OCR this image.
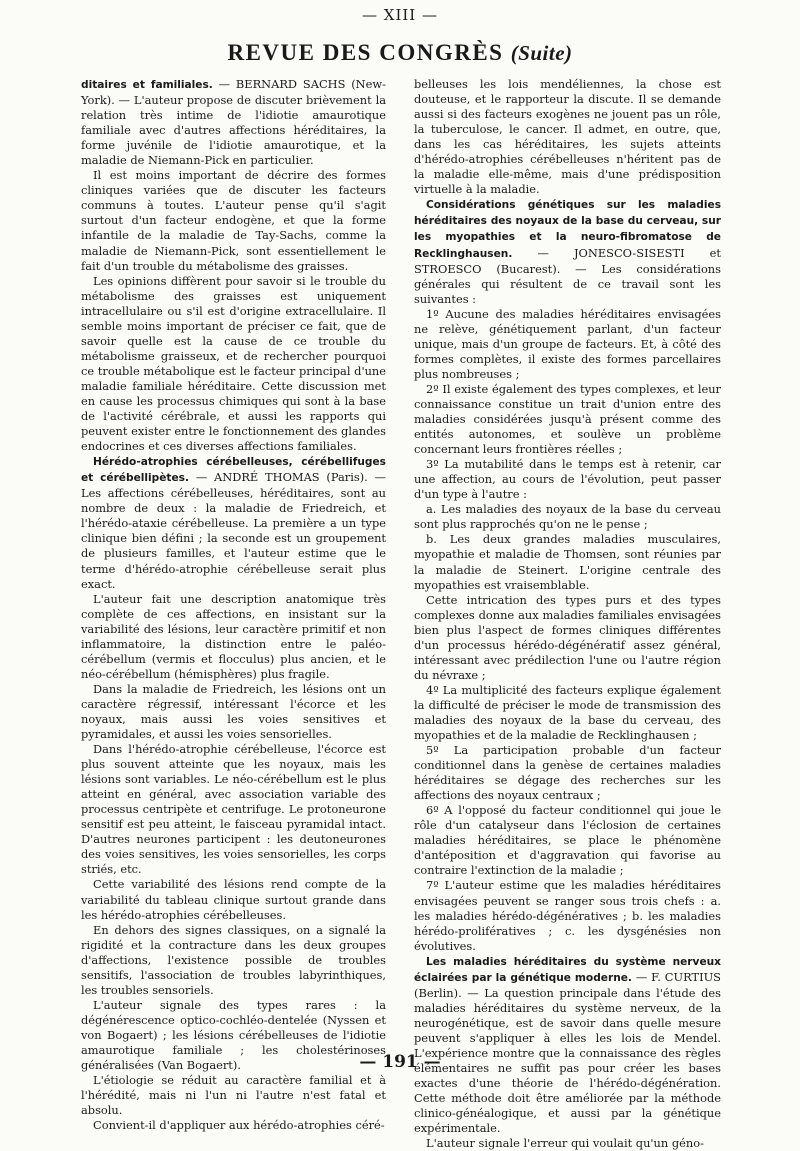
— XIII —
REVUE DES CONGRÈS (Suite)

ditaires et familiales. — BERNARD SACHS (New-York). — L'auteur propose de discuter brièvement la relation très intime de l'idiotie amaurotique familiale avec d'autres affections héréditaires, la forme juvénile de l'idiotie amaurotique, et la maladie de Niemann-Pick en particulier.

Il est moins important de décrire des formes cliniques variées que de discuter les facteurs communs à toutes. L'auteur pense qu'il s'agit surtout d'un facteur endogène, et que la forme infantile de la maladie de Tay-Sachs, comme la maladie de Niemann-Pick, sont essentiellement le fait d'un trouble du métabolisme des graisses.

Les opinions diffèrent pour savoir si le trouble du métabolisme des graisses est uniquement intracellulaire ou s'il est d'origine extracellulaire. Il semble moins important de préciser ce fait, que de savoir quelle est la cause de ce trouble du métabolisme graisseux, et de rechercher pourquoi ce trouble métabolique est le facteur principal d'une maladie familiale héréditaire. Cette discussion met en cause les processus chimiques qui sont à la base de l'activité cérébrale, et aussi les rapports qui peuvent exister entre le fonctionnement des glandes endocrines et ces diverses affections familiales.

Hérédo-atrophies cérébelleuses, cérébellifuges et cérébellipètes. — ANDRÉ THOMAS (Paris). — Les affections cérébelleuses, héréditaires, sont au nombre de deux : la maladie de Friedreich, et l'hérédo-ataxie cérébelleuse. La première a un type clinique bien défini ; la seconde est un groupement de plusieurs familles, et l'auteur estime que le terme d'hérédo-atrophie cérébelleuse serait plus exact.

L'auteur fait une description anatomique très complète de ces affections, en insistant sur la variabilité des lésions, leur caractère primitif et non inflammatoire, la distinction entre le paléo-cérébellum (vermis et flocculus) plus ancien, et le néo-cérébellum (hémisphères) plus fragile.

Dans la maladie de Friedreich, les lésions ont un caractère régressif, intéressant l'écorce et les noyaux, mais aussi les voies sensitives et pyramidales, et aussi les voies sensorielles.

Dans l'hérédo-atrophie cérébelleuse, l'écorce est plus souvent atteinte que les noyaux, mais les lésions sont variables. Le néo-cérébellum est le plus atteint en général, avec association variable des processus centripète et centrifuge. Le protoneurone sensitif est peu atteint, le faisceau pyramidal intact. D'autres neurones participent : les deutoneurones des voies sensitives, les voies sensorielles, les corps striés, etc.

Cette variabilité des lésions rend compte de la variabilité du tableau clinique surtout grande dans les hérédo-atrophies cérébelleuses.

En dehors des signes classiques, on a signalé la rigidité et la contracture dans les deux groupes d'affections, l'existence possible de troubles sensitifs, l'association de troubles labyrinthiques, les troubles sensoriels.

L'auteur signale des types rares : la dégénérescence optico-cochléo-dentelée (Nyssen et von Bogaert) ; les lésions cérébelleuses de l'idiotie amaurotique familiale ; les cholestérinoses généralisées (Van Bogaert).

L'étiologie se réduit au caractère familial et à l'hérédité, mais ni l'un ni l'autre n'est fatal et absolu.

Convient-il d'appliquer aux hérédo-atrophies céré-

belleuses les lois mendéliennes, la chose est douteuse, et le rapporteur la discute. Il se demande aussi si des facteurs exogènes ne jouent pas un rôle, la tuberculose, le cancer. Il admet, en outre, que, dans les cas héréditaires, les sujets atteints d'hérédo-atrophies cérébelleuses n'héritent pas de la maladie elle-même, mais d'une prédisposition virtuelle à la maladie.

Considérations génétiques sur les maladies héréditaires des noyaux de la base du cerveau, sur les myopathies et la neuro-fibromatose de Recklinghausen. — JONESCO-SISESTI et STROESCO (Bucarest). — Les considérations générales qui résultent de ce travail sont les suivantes :

1º Aucune des maladies héréditaires envisagées ne relève, génétiquement parlant, d'un facteur unique, mais d'un groupe de facteurs. Et, à côté des formes complètes, il existe des formes parcellaires plus nombreuses ;

2º Il existe également des types complexes, et leur connaissance constitue un trait d'union entre des maladies considérées jusqu'à présent comme des entités autonomes, et soulève un problème concernant leurs frontières réelles ;

3º La mutabilité dans le temps est à retenir, car une affection, au cours de l'évolution, peut passer d'un type à l'autre :

a. Les maladies des noyaux de la base du cerveau sont plus rapprochés qu'on ne le pense ;

b. Les deux grandes maladies musculaires, myopathie et maladie de Thomsen, sont réunies par la maladie de Steinert. L'origine centrale des myopathies est vraisemblable.

Cette intrication des types purs et des types complexes donne aux maladies familiales envisagées bien plus l'aspect de formes cliniques différentes d'un processus hérédo-dégénératif assez général, intéressant avec prédilection l'une ou l'autre région du névraxe ;

4º La multiplicité des facteurs explique également la difficulté de préciser le mode de transmission des maladies des noyaux de la base du cerveau, des myopathies et de la maladie de Recklinghausen ;

5º La participation probable d'un facteur conditionnel dans la genèse de certaines maladies héréditaires se dégage des recherches sur les affections des noyaux centraux ;

6º A l'opposé du facteur conditionnel qui joue le rôle d'un catalyseur dans l'éclosion de certaines maladies héréditaires, se place le phénomène d'antéposition et d'aggravation qui favorise au contraire l'extinction de la maladie ;

7º L'auteur estime que les maladies héréditaires envisagées peuvent se ranger sous trois chefs : a. les maladies hérédo-dégénératives ; b. les maladies hérédo-prolifératives ; c. les dysgénésies non évolutives.

Les maladies héréditaires du système nerveux éclairées par la génétique moderne. — F. CURTIUS (Berlin). — La question principale dans l'étude des maladies héréditaires du système nerveux, de la neurogénétique, est de savoir dans quelle mesure peuvent s'appliquer à elles les lois de Mendel. L'expérience montre que la connaissance des règles élémentaires ne suffit pas pour créer les bases exactes d'une théorie de l'hérédo-dégénération. Cette méthode doit être améliorée par la méthode clinico-généalogique, et aussi par la génétique expérimentale.

L'auteur signale l'erreur qui voulait qu'un géno-

— 191 —
